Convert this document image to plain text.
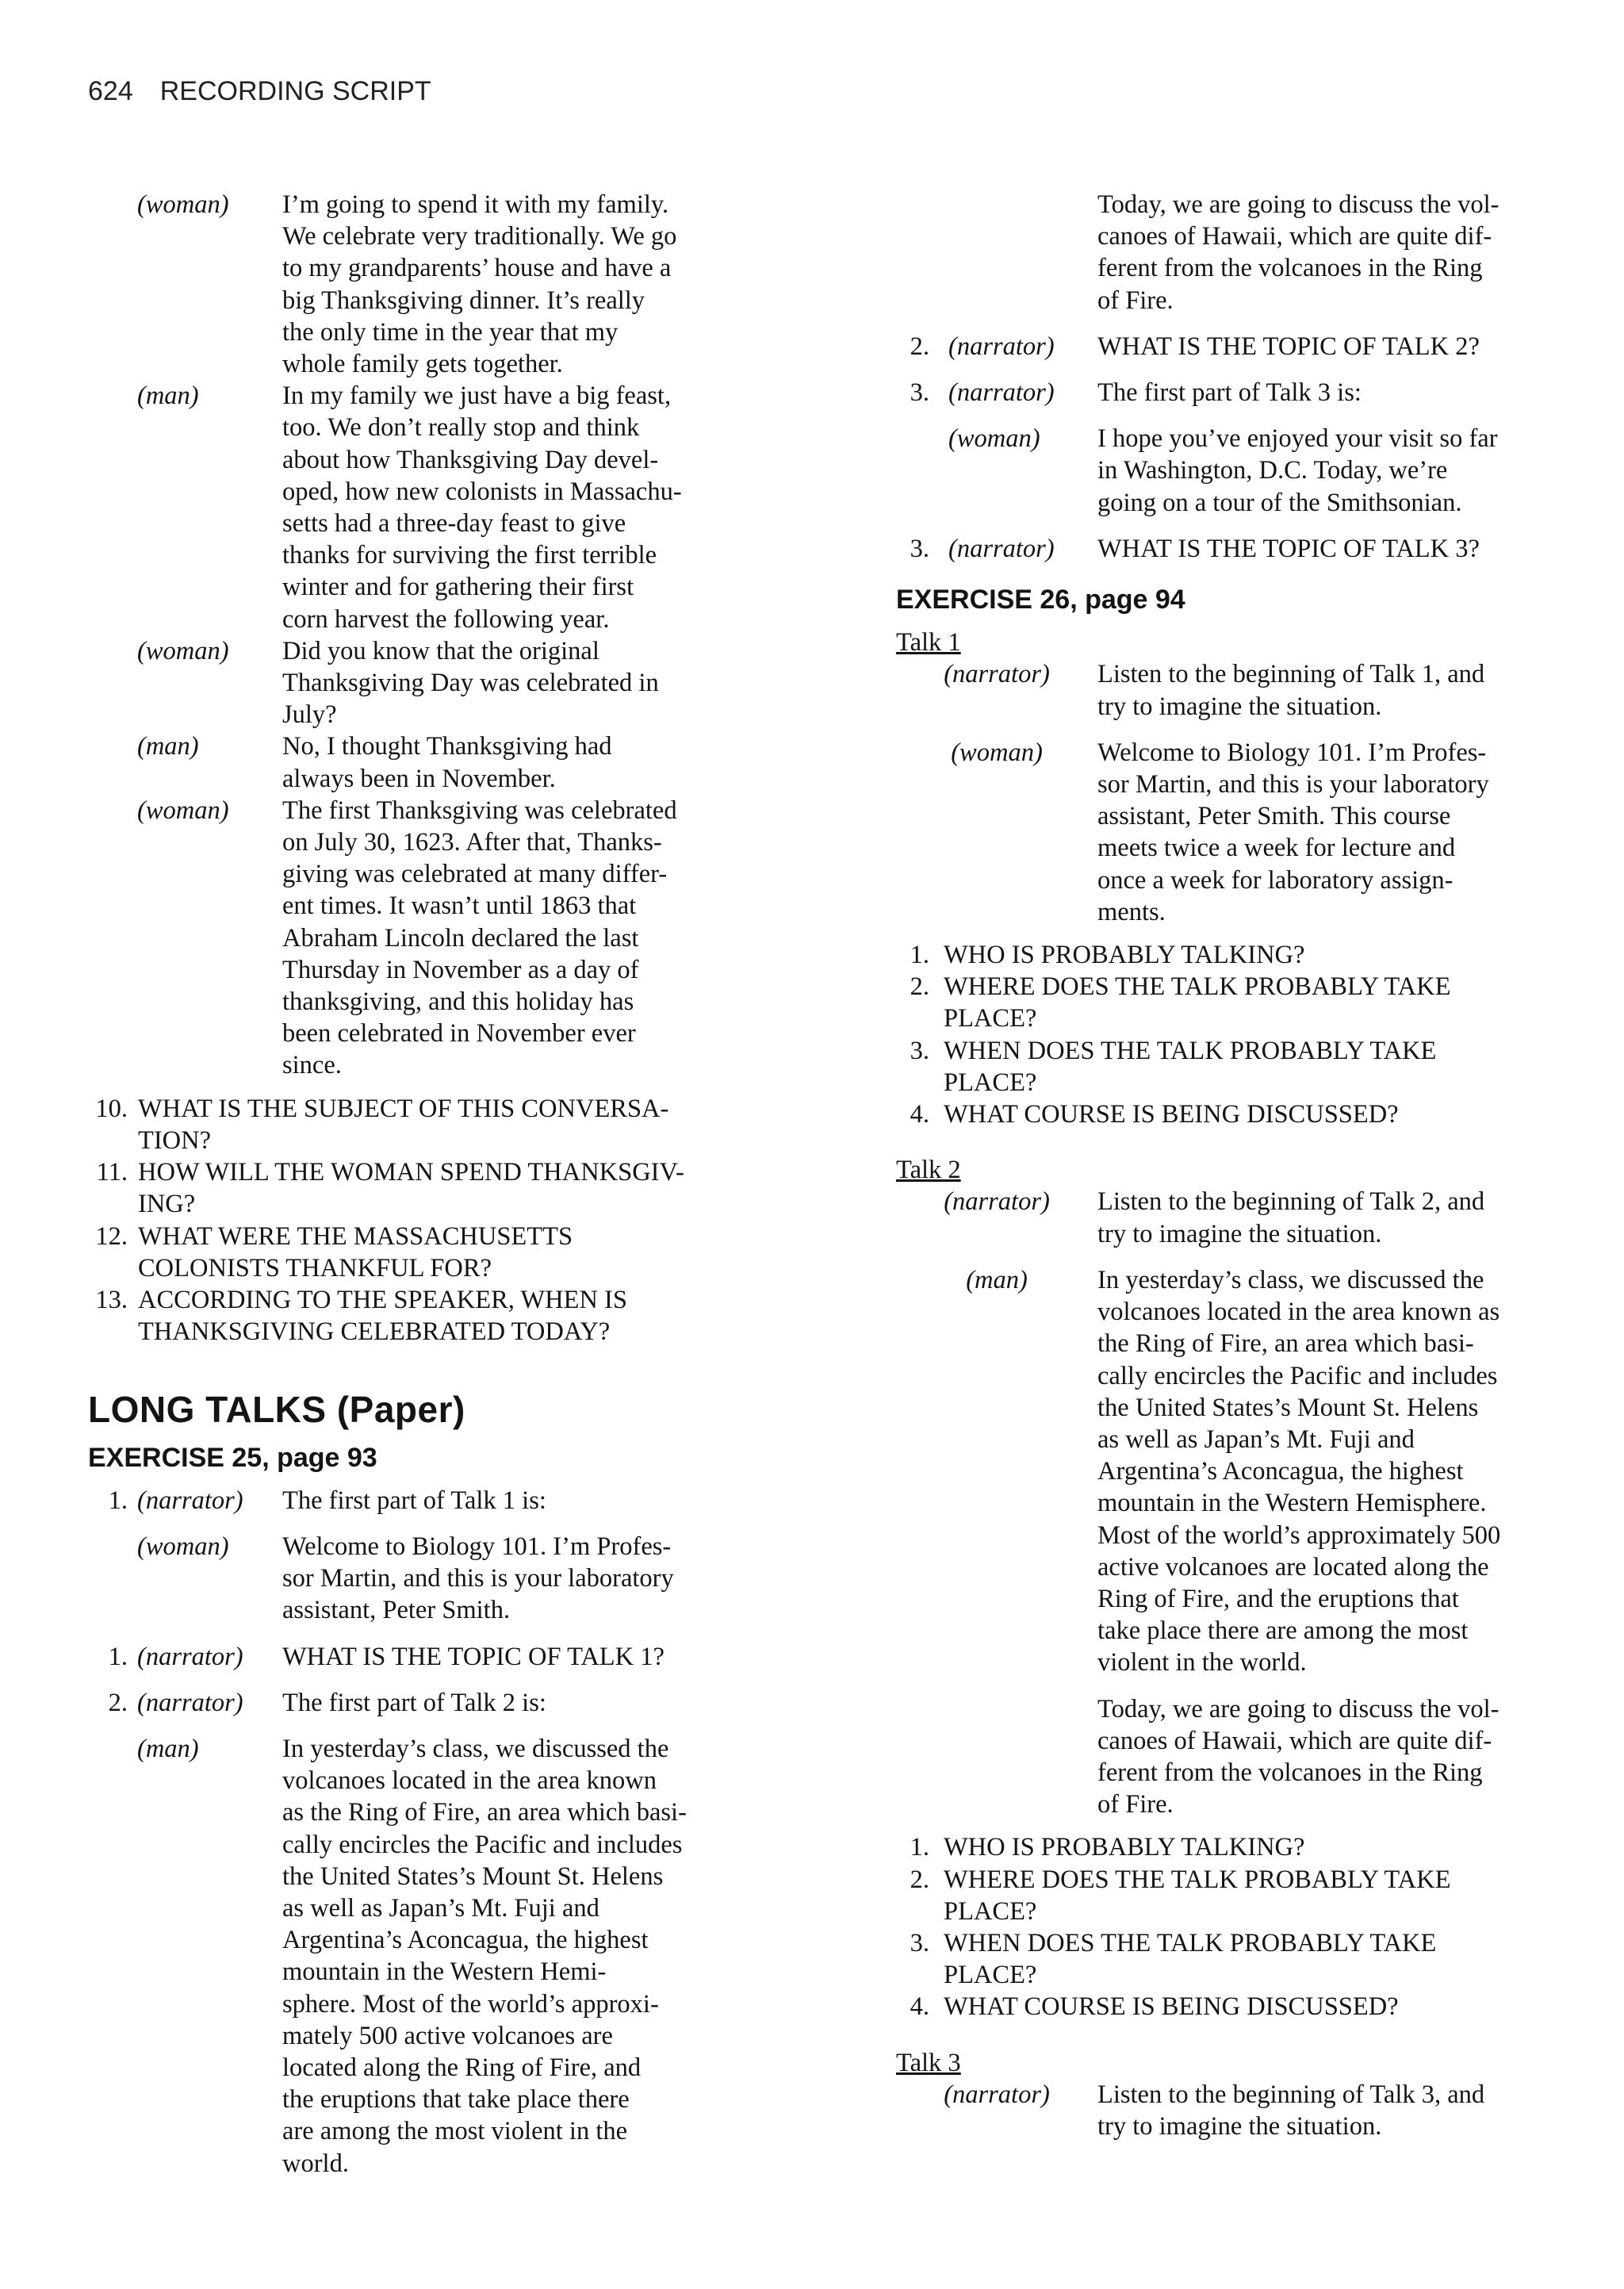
624 RECORDING SCRIPT
(woman)	I’m going to spend it with my family.
We celebrate very traditionally. We go
to my grandparents’ house and have a
big Thanksgiving dinner. It’s really
the only time in the year that my
whole family gets together.
(man)	In my family we just have a big feast,
too. We don’t really stop and think
about how Thanksgiving Day devel-
oped, how new colonists in Massachu-
setts had a three-day feast to give
thanks for surviving the first terrible
winter and for gathering their first
corn harvest the following year.
(woman)	Did you know that the original
Thanksgiving Day was celebrated in
July?
(man)	No, I thought Thanksgiving had
always been in November.
(woman)	The first Thanksgiving was celebrated
on July 30, 1623. After that, Thanks-
giving was celebrated at many differ-
ent times. It wasn’t until 1863 that
Abraham Lincoln declared the last
Thursday in November as a day of
thanksgiving, and this holiday has
been celebrated in November ever
since.
10. WHAT IS THE SUBJECT OF THIS CONVERSA-
TION?
11. HOW WILL THE WOMAN SPEND THANKSGIV-
ING?
12. WHAT WERE THE MASSACHUSETTS
COLONISTS THANKFUL FOR?
13. ACCORDING TO THE SPEAKER, WHEN IS
THANKSGIVING CELEBRATED TODAY?
LONG TALKS (Paper)
EXERCISE 25, page 93
1. (narrator)	The first part of Talk 1 is:
(woman)	Welcome to Biology 101. I’m Profes-
sor Martin, and this is your laboratory
assistant, Peter Smith.
1. (narrator)	WHAT IS THE TOPIC OF TALK 1?
2. (narrator)	The first part of Talk 2 is:
(man)	In yesterday’s class, we discussed the
volcanoes located in the area known
as the Ring of Fire, an area which basi-
cally encircles the Pacific and includes
the United States’s Mount St. Helens
as well as Japan’s Mt. Fuji and
Argentina’s Aconcagua, the highest
mountain in the Western Hemi-
sphere. Most of the world’s approxi-
mately 500 active volcanoes are
located along the Ring of Fire, and
the eruptions that take place there
are among the most violent in the
world.
Today, we are going to discuss the vol-
canoes of Hawaii, which are quite dif-
ferent from the volcanoes in the Ring
of Fire.
2. (narrator)	WHAT IS THE TOPIC OF TALK 2?
3. (narrator)	The first part of Talk 3 is:
(woman)	I hope you’ve enjoyed your visit so far
in Washington, D.C. Today, we’re
going on a tour of the Smithsonian.
3. (narrator)	WHAT IS THE TOPIC OF TALK 3?
EXERCISE 26, page 94
Talk 1
(narrator)	Listen to the beginning of Talk 1, and
try to imagine the situation.
(woman)	Welcome to Biology 101. I’m Profes-
sor Martin, and this is your laboratory
assistant, Peter Smith. This course
meets twice a week for lecture and
once a week for laboratory assign-
ments.
1. WHO IS PROBABLY TALKING?
2. WHERE DOES THE TALK PROBABLY TAKE
PLACE?
3. WHEN DOES THE TALK PROBABLY TAKE
PLACE?
4. WHAT COURSE IS BEING DISCUSSED?
Talk 2
(narrator)	Listen to the beginning of Talk 2, and
try to imagine the situation.
(man)	In yesterday’s class, we discussed the
volcanoes located in the area known as
the Ring of Fire, an area which basi-
cally encircles the Pacific and includes
the United States’s Mount St. Helens
as well as Japan’s Mt. Fuji and
Argentina’s Aconcagua, the highest
mountain in the Western Hemisphere.
Most of the world’s approximately 500
active volcanoes are located along the
Ring of Fire, and the eruptions that
take place there are among the most
violent in the world.
Today, we are going to discuss the vol-
canoes of Hawaii, which are quite dif-
ferent from the volcanoes in the Ring
of Fire.
1. WHO IS PROBABLY TALKING?
2. WHERE DOES THE TALK PROBABLY TAKE
PLACE?
3. WHEN DOES THE TALK PROBABLY TAKE
PLACE?
4. WHAT COURSE IS BEING DISCUSSED?
Talk 3
(narrator)	Listen to the beginning of Talk 3, and
try to imagine the situation.
